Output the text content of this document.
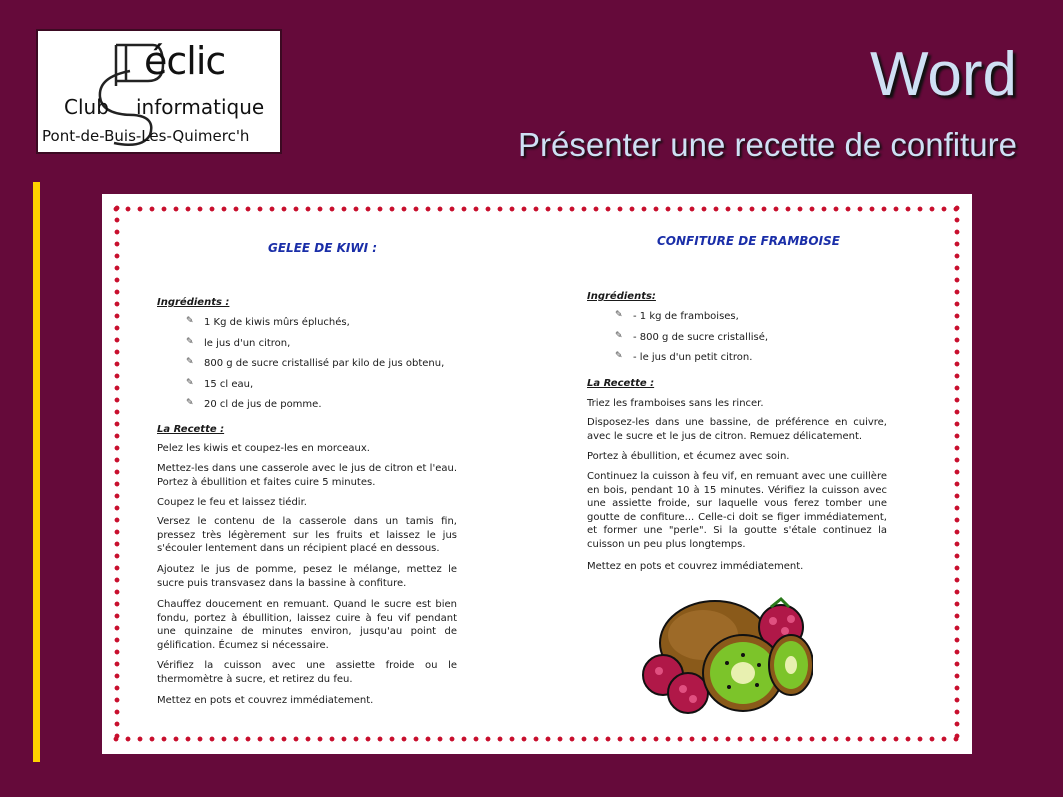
éclic
Club informatique
Pont-de-Buis-Les-Quimerc'h
Word
Présenter une recette de confiture
GELEE DE KIWI :
Ingrédients :
✎ 1 Kg de kiwis mûrs épluchés,
✎ le jus d'un citron,
✎ 800 g de sucre cristallisé par kilo de jus obtenu,
✎ 15 cl eau,
✎ 20 cl de jus de pomme.
La Recette :

Pelez les kiwis et coupez-les en morceaux.

Mettez-les dans une casserole avec le jus de citron et l'eau. Portez à ébullition et faites cuire 5 minutes.

Coupez le feu et laissez tiédir.

Versez le contenu de la casserole dans un tamis fin, pressez très légèrement sur les fruits et laissez le jus s'écouler lentement dans un récipient placé en dessous.

Ajoutez le jus de pomme, pesez le mélange, mettez le sucre puis transvasez dans la bassine à confiture.

Chauffez doucement en remuant. Quand le sucre est bien fondu, portez à ébullition, laissez cuire à feu vif pendant une quinzaine de minutes environ, jusqu'au point de gélification. Écumez si nécessaire.

Vérifiez la cuisson avec une assiette froide ou le thermomètre à sucre, et retirez du feu.

Mettez en pots et couvrez immédiatement.

CONFITURE DE FRAMBOISE
Ingrédients:
✎ - 1 kg de framboises,
✎ - 800 g de sucre cristallisé,
✎ - le jus d'un petit citron.
La Recette :

Triez les framboises sans les rincer.

Disposez-les dans une bassine, de préférence en cuivre, avec le sucre et le jus de citron. Remuez délicatement.

Portez à ébullition, et écumez avec soin.

Continuez la cuisson à feu vif, en remuant avec une cuillère en bois, pendant 10 à 15 minutes. Vérifiez la cuisson avec une assiette froide, sur laquelle vous ferez tomber une goutte de confiture... Celle-ci doit se figer immédiatement, et former une "perle". Si la goutte s'étale continuez la cuisson un peu plus longtemps.

Mettez en pots et couvrez immédiatement.
